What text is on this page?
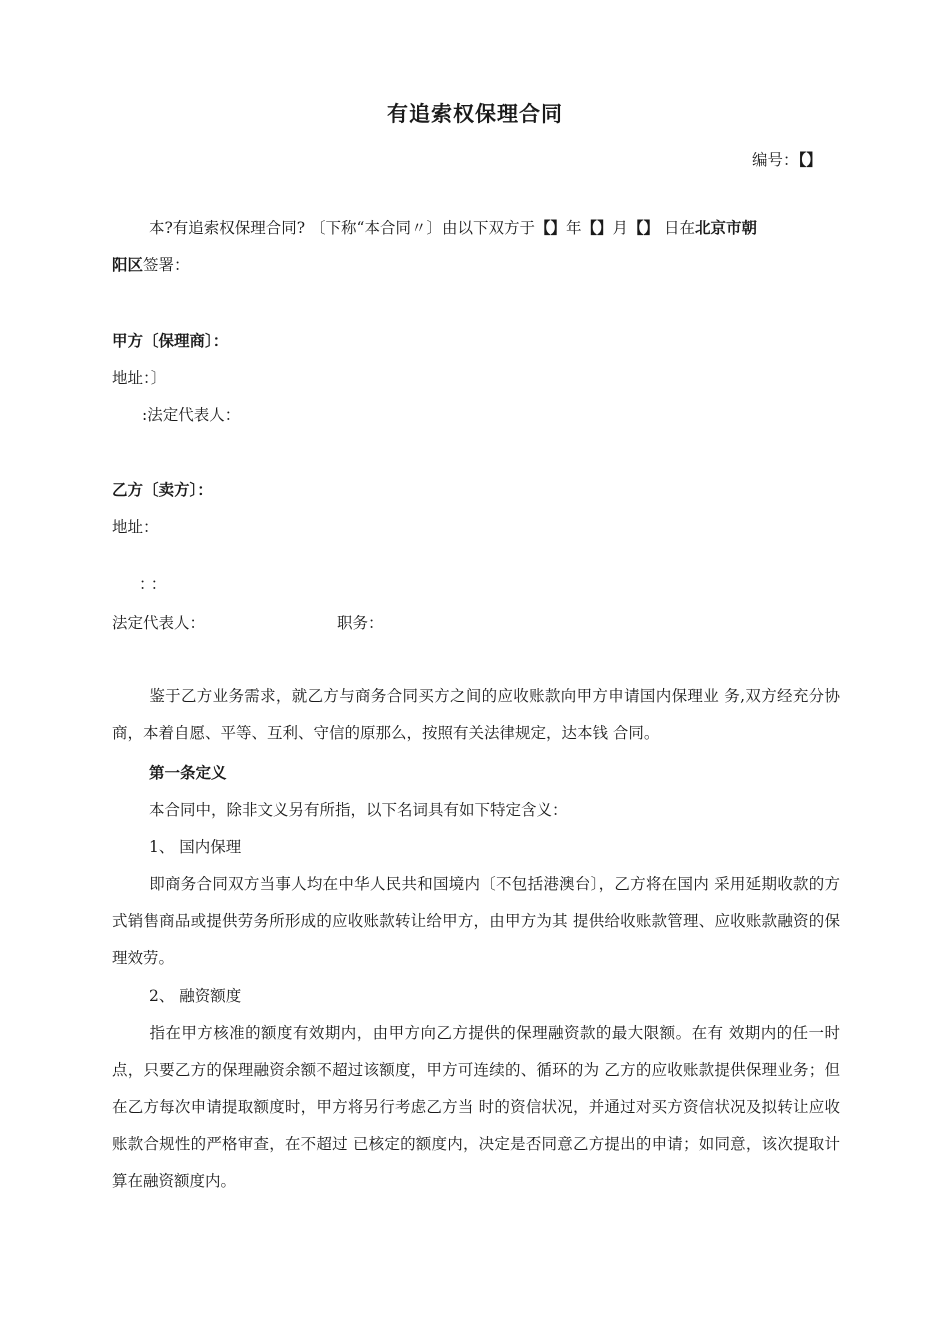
有追索权保理合同
编号：【】
本?有追索权保理合同? 〔下称“本合同〃〕由以下双方于【】年【】月【】 日在北京市朝
阳区签署：
甲方〔保理商〕：
地址：〕
:法定代表人：
乙方〔卖方〕：
地址：
：：
法定代表人：	职务：
鉴于乙方业务需求，就乙方与商务合同买方之间的应收账款向甲方申请国内保理业 务,双方经充分协商，本着自愿、平等、互利、守信的原那么，按照有关法律规定，达本钱 合同。
第一条定义
本合同中，除非文义另有所指，以下名词具有如下特定含义：
1、 国内保理
即商务合同双方当事人均在中华人民共和国境内〔不包括港澳台〕，乙方将在国内 采用延期收款的方式销售商品或提供劳务所形成的应收账款转让给甲方，由甲方为其 提供给收账款管理、应收账款融资的保理效劳。
2、 融资额度
指在甲方核准的额度有效期内，由甲方向乙方提供的保理融资款的最大限额。在有 效期内的任一时点，只要乙方的保理融资余额不超过该额度，甲方可连续的、循环的为 乙方的应收账款提供保理业务；但在乙方每次申请提取额度时，甲方将另行考虑乙方当 时的资信状况，并通过对买方资信状况及拟转让应收账款合规性的严格审查，在不超过 已核定的额度内，决定是否同意乙方提出的申请；如同意，该次提取计算在融资额度内。
